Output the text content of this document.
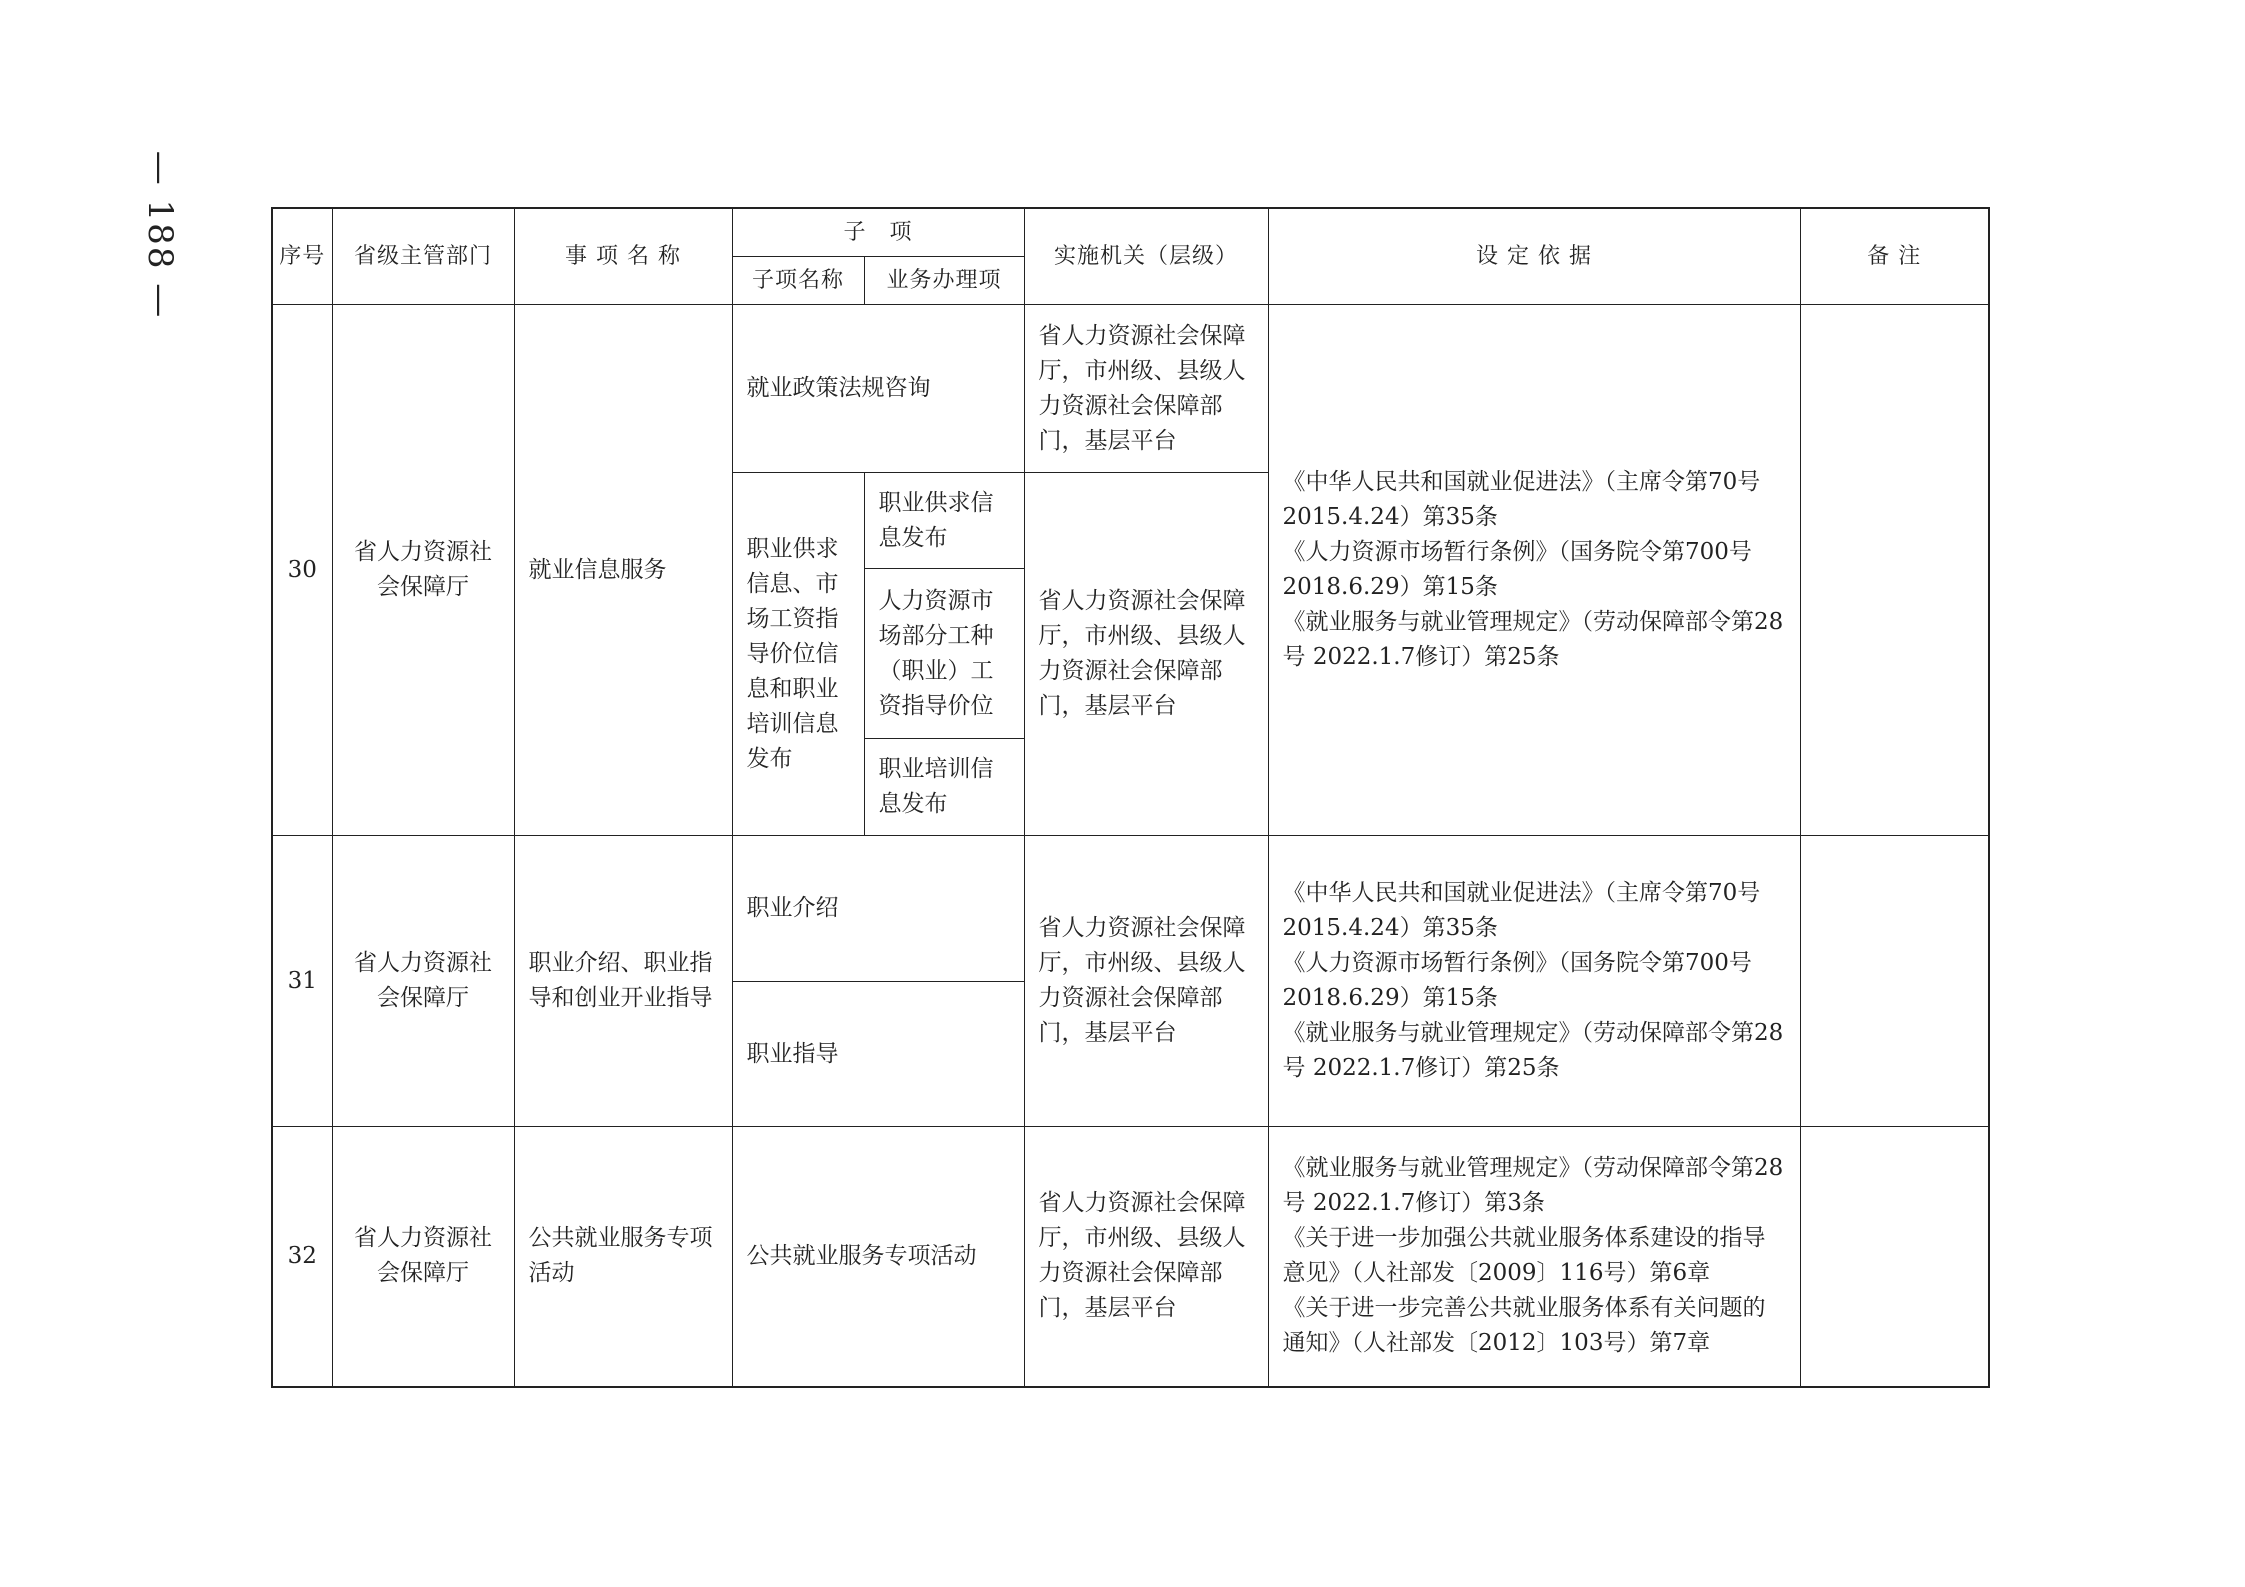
— 188 —	序号	省级主管部门	事 项 名 称	子　项		实施机关（层级）	设 定 依 据	备 注
			子项名称	业务办理项			
30	省人力资源社会保障厅	就业信息服务	就业政策法规咨询		省人力资源社会保障厅，市州级、县级人力资源社会保障部门，基层平台	《中华人民共和国就业促进法》（主席令第70号2015.4.24）第35条
《人力资源市场暂行条例》（国务院令第700号2018.6.29）第15条
《就业服务与就业管理规定》（劳动保障部令第28号 2022.1.7修订）第25条	

			职业供求信息、市场工资指导价位信息和职业培训信息发布	职业供求信息发布	省人力资源社会保障厅，市州级、县级人力资源社会保障部门，基层平台		
				人力资源市场部分工种（职业）工资指导价位			
				职业培训信息发布			
31	省人力资源社会保障厅	职业介绍、职业指导和创业开业指导	职业介绍		省人力资源社会保障厅，市州级、县级人力资源社会保障部门，基层平台	《中华人民共和国就业促进法》（主席令第70号2015.4.24）第35条
《人力资源市场暂行条例》（国务院令第700号2018.6.29）第15条
《就业服务与就业管理规定》（劳动保障部令第28号 2022.1.7修订）第25条	

			职业指导				
32	省人力资源社会保障厅	公共就业服务专项活动	公共就业服务专项活动		省人力资源社会保障厅，市州级、县级人力资源社会保障部门，基层平台	《就业服务与就业管理规定》（劳动保障部令第28号 2022.1.7修订）第3条
《关于进一步加强公共就业服务体系建设的指导意见》（人社部发〔2009〕116号）第6章
《关于进一步完善公共就业服务体系有关问题的通知》（人社部发〔2012〕103号）第7章	
